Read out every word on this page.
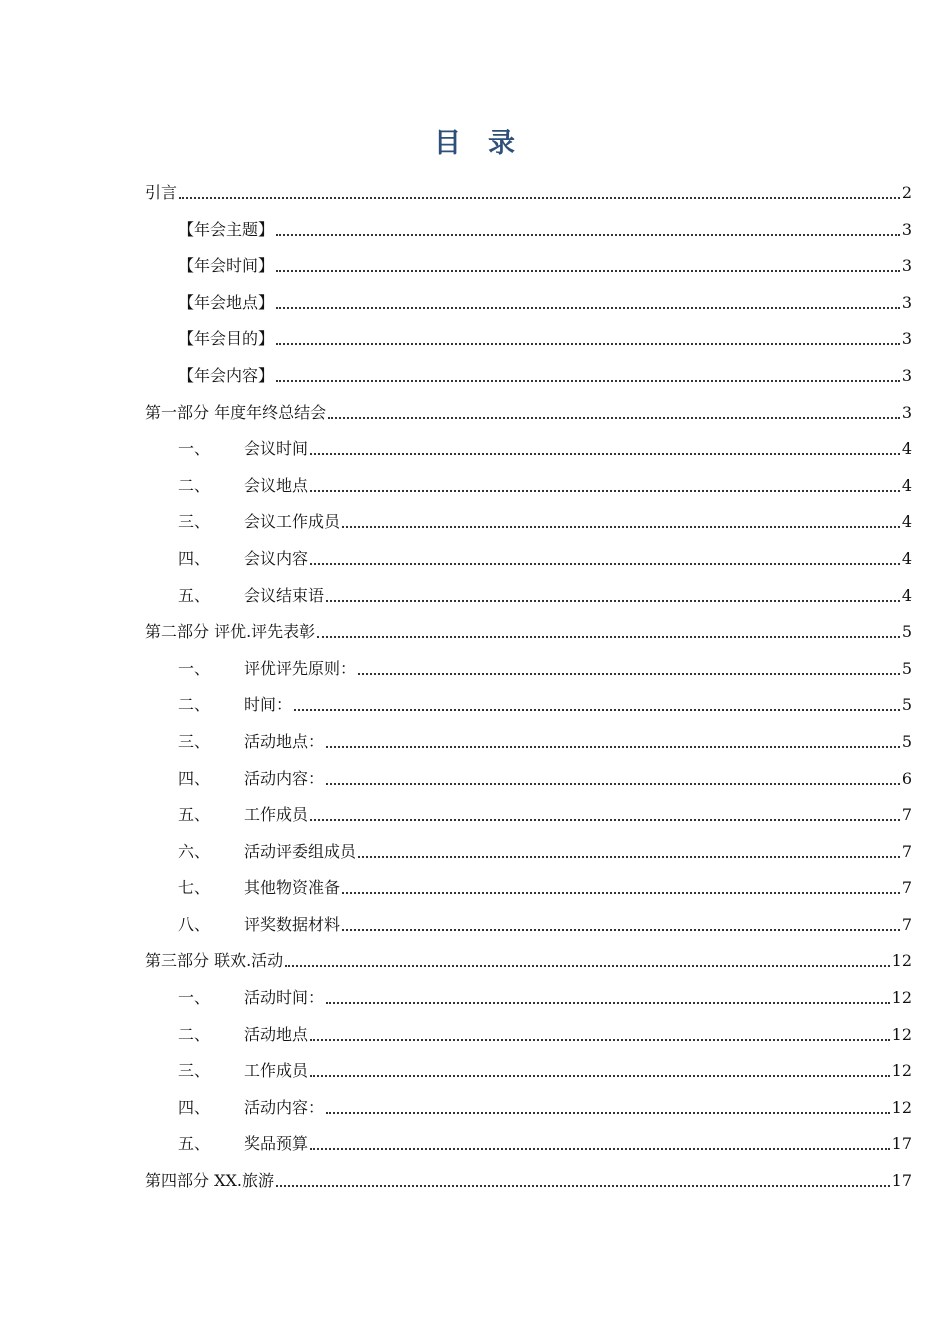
目 录
引言	2
【年会主题】	3
【年会时间】	3
【年会地点】	3
【年会目的】	3
【年会内容】	3
第一部分 年度年终总结会	3
一、	会议时间	4
二、	会议地点	4
三、	会议工作成员	4
四、	会议内容	4
五、	会议结束语	4
第二部分 评优.评先表彰	5
一、	评优评先原则：	5
二、	时间：	5
三、	活动地点：	5
四、	活动内容：	6
五、	工作成员	7
六、	活动评委组成员	7
七、	其他物资准备	7
八、	评奖数据材料	7
第三部分 联欢.活动	12
一、	活动时间：	12
二、	活动地点	12
三、	工作成员	12
四、	活动内容：	12
五、	奖品预算	17
第四部分 XX.旅游	17
